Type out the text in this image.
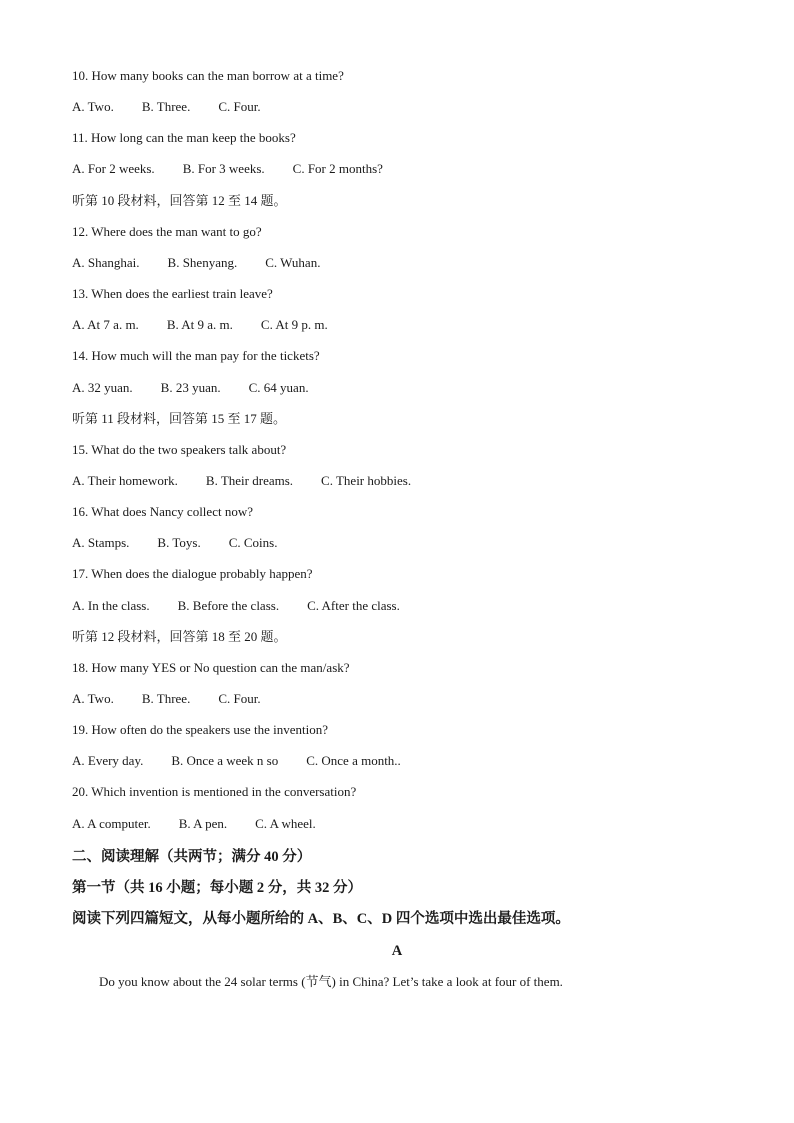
10. How many books can the man borrow at a time?
A. Two. B. Three. C. Four.
11. How long can the man keep the books?
A. For 2 weeks. B. For 3 weeks. C. For 2 months?
听第 10 段材料，回答第 12 至 14 题。
12. Where does the man want to go?
A. Shanghai. B. Shenyang. C. Wuhan.
13. When does the earliest train leave?
A. At 7 a. m. B. At 9 a. m. C. At 9 p. m.
14. How much will the man pay for the tickets?
A. 32 yuan. B. 23 yuan. C. 64 yuan.
听第 11 段材料，回答第 15 至 17 题。
15. What do the two speakers talk about?
A. Their homework. B. Their dreams. C. Their hobbies.
16. What does Nancy collect now?
A. Stamps. B. Toys. C. Coins.
17. When does the dialogue probably happen?
A. In the class. B. Before the class. C. After the class.
听第 12 段材料，回答第 18 至 20 题。
18. How many YES or No question can the man/ask?
A. Two. B. Three. C. Four.
19. How often do the speakers use the invention?
A. Every day. B. Once a week n so C. Once a month..
20. Which invention is mentioned in the conversation?
A. A computer. B. A pen. C. A wheel.
二、阅读理解（共两节；满分 40 分）
第一节（共 16 小题；每小题 2 分，共 32 分）
阅读下列四篇短文，从每小题所给的 A、B、C、D 四个选项中选出最佳选项。
A
Do you know about the 24 solar terms (节气) in China? Let’s take a look at four of them.
